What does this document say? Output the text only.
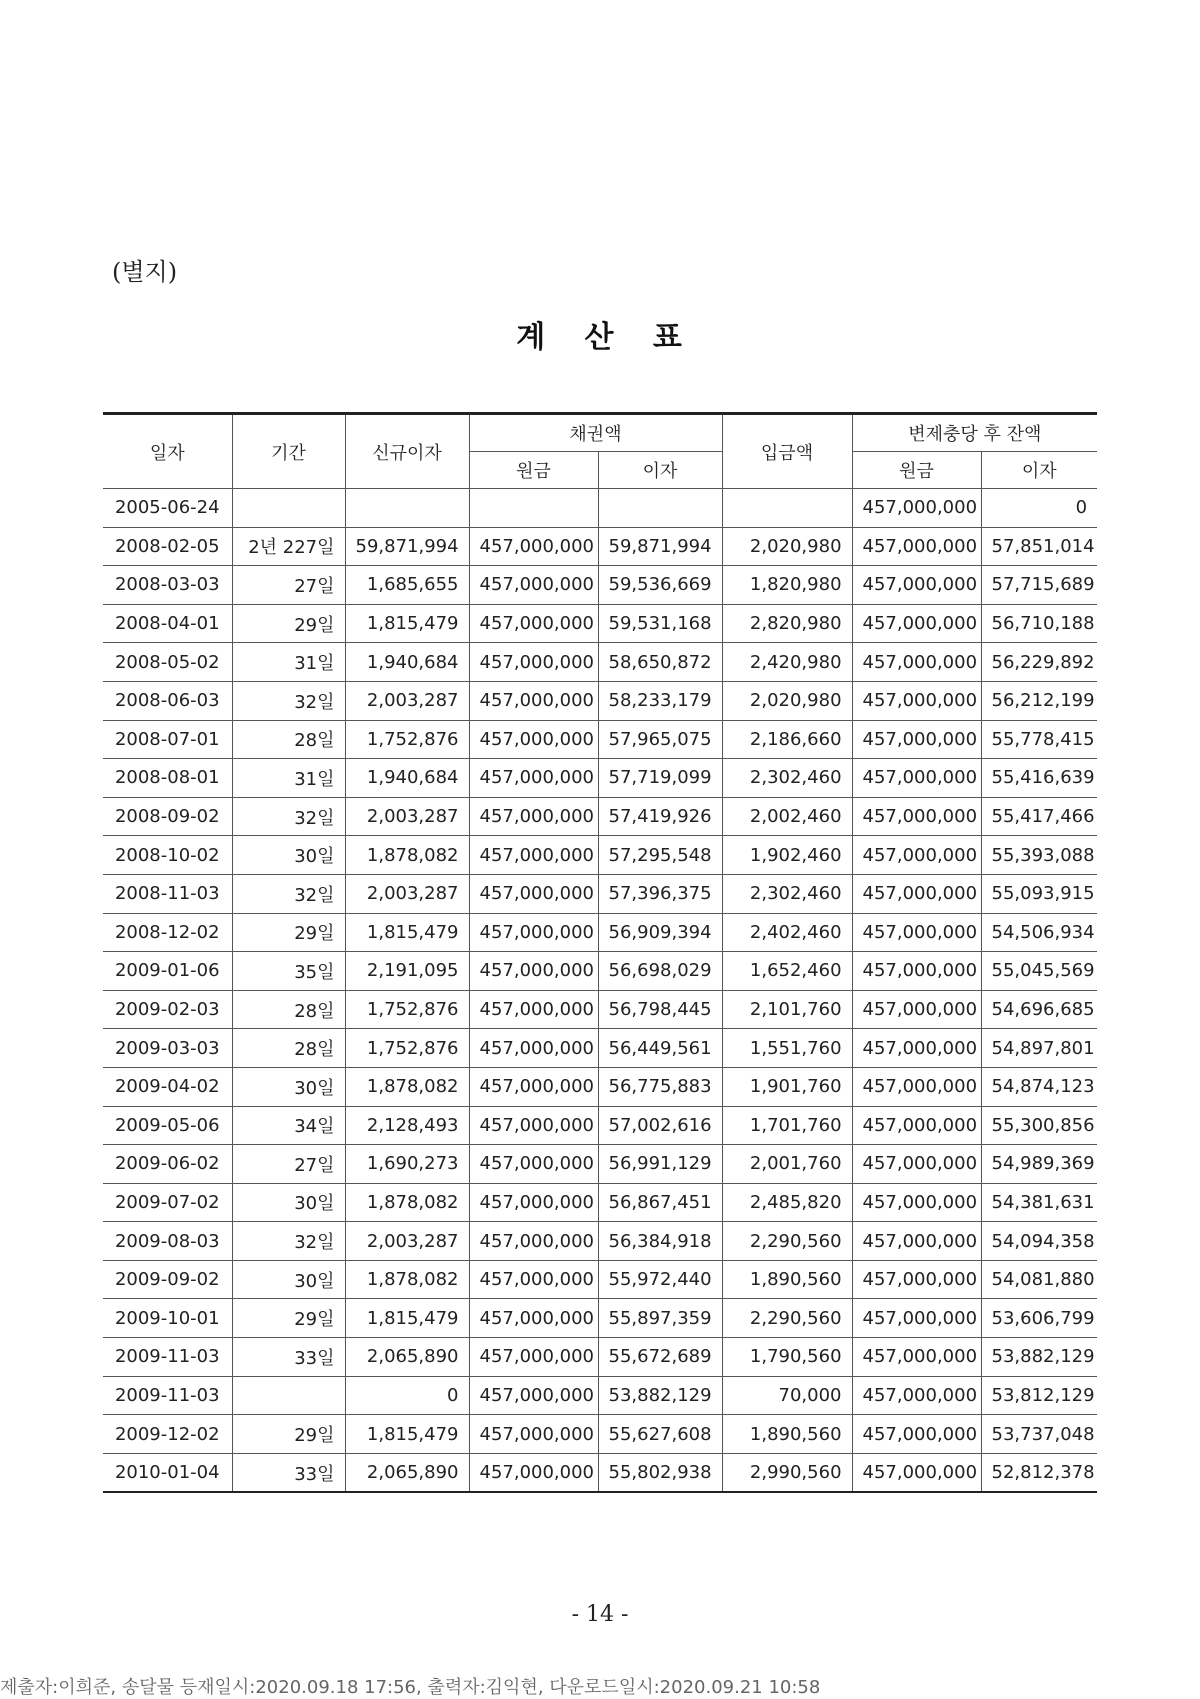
(별지)
계   산   표
일자	기간	신규이자	채권액		입금액	변제충당 후 잔액	
			원금	이자		원금	이자
2005-06-24						457,000,000	0
2008-02-05	2년 227일	59,871,994	457,000,000	59,871,994	2,020,980	457,000,000	57,851,014
2008-03-03	27일	1,685,655	457,000,000	59,536,669	1,820,980	457,000,000	57,715,689
2008-04-01	29일	1,815,479	457,000,000	59,531,168	2,820,980	457,000,000	56,710,188
2008-05-02	31일	1,940,684	457,000,000	58,650,872	2,420,980	457,000,000	56,229,892
2008-06-03	32일	2,003,287	457,000,000	58,233,179	2,020,980	457,000,000	56,212,199
2008-07-01	28일	1,752,876	457,000,000	57,965,075	2,186,660	457,000,000	55,778,415
2008-08-01	31일	1,940,684	457,000,000	57,719,099	2,302,460	457,000,000	55,416,639
2008-09-02	32일	2,003,287	457,000,000	57,419,926	2,002,460	457,000,000	55,417,466
2008-10-02	30일	1,878,082	457,000,000	57,295,548	1,902,460	457,000,000	55,393,088
2008-11-03	32일	2,003,287	457,000,000	57,396,375	2,302,460	457,000,000	55,093,915
2008-12-02	29일	1,815,479	457,000,000	56,909,394	2,402,460	457,000,000	54,506,934
2009-01-06	35일	2,191,095	457,000,000	56,698,029	1,652,460	457,000,000	55,045,569
2009-02-03	28일	1,752,876	457,000,000	56,798,445	2,101,760	457,000,000	54,696,685
2009-03-03	28일	1,752,876	457,000,000	56,449,561	1,551,760	457,000,000	54,897,801
2009-04-02	30일	1,878,082	457,000,000	56,775,883	1,901,760	457,000,000	54,874,123
2009-05-06	34일	2,128,493	457,000,000	57,002,616	1,701,760	457,000,000	55,300,856
2009-06-02	27일	1,690,273	457,000,000	56,991,129	2,001,760	457,000,000	54,989,369
2009-07-02	30일	1,878,082	457,000,000	56,867,451	2,485,820	457,000,000	54,381,631
2009-08-03	32일	2,003,287	457,000,000	56,384,918	2,290,560	457,000,000	54,094,358
2009-09-02	30일	1,878,082	457,000,000	55,972,440	1,890,560	457,000,000	54,081,880
2009-10-01	29일	1,815,479	457,000,000	55,897,359	2,290,560	457,000,000	53,606,799
2009-11-03	33일	2,065,890	457,000,000	55,672,689	1,790,560	457,000,000	53,882,129
2009-11-03		0	457,000,000	53,882,129	70,000	457,000,000	53,812,129
2009-12-02	29일	1,815,479	457,000,000	55,627,608	1,890,560	457,000,000	53,737,048
2010-01-04	33일	2,065,890	457,000,000	55,802,938	2,990,560	457,000,000	52,812,378
- 14 -
제출자:이희준, 송달물 등재일시:2020.09.18 17:56, 출력자:김익현, 다운로드일시:2020.09.21 10:58
